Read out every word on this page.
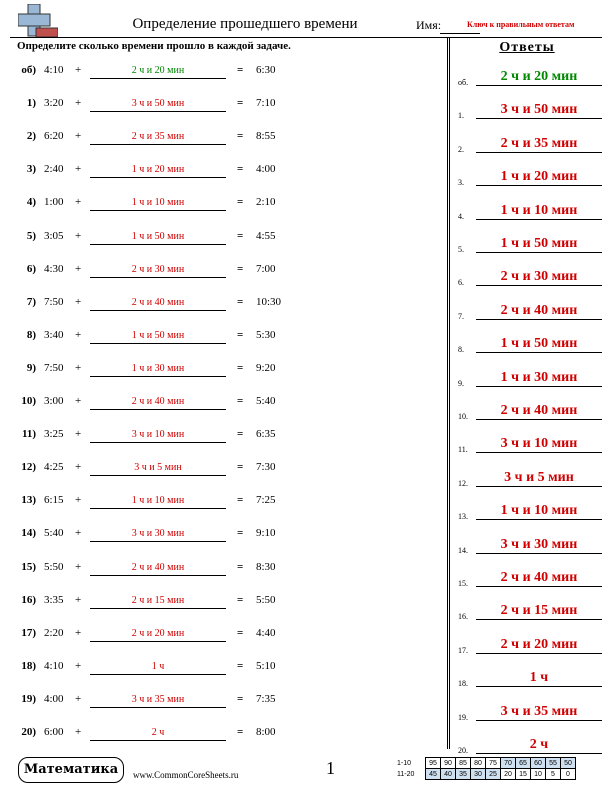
Определение прошедшего времени	Имя:	Ключ к правильным ответам
Определите сколько времени прошло в каждой задаче.	Ответы
об) 4:10 +	2 ч и 20 мин	= 6:30
1) 3:20 +	3 ч и 50 мин	= 7:10
2) 6:20 +	2 ч и 35 мин	= 8:55
3) 2:40 +	1 ч и 20 мин	= 4:00
4) 1:00 +	1 ч и 10 мин	= 2:10
5) 3:05 +	1 ч и 50 мин	= 4:55
6) 4:30 +	2 ч и 30 мин	= 7:00
7) 7:50 +	2 ч и 40 мин	= 10:30
8) 3:40 +	1 ч и 50 мин	= 5:30
9) 7:50 +	1 ч и 30 мин	= 9:20
10) 3:00 +	2 ч и 40 мин	= 5:40
11) 3:25 +	3 ч и 10 мин	= 6:35
12) 4:25 +	3 ч и 5 мин	= 7:30
13) 6:15 +	1 ч и 10 мин	= 7:25
14) 5:40 +	3 ч и 30 мин	= 9:10
15) 5:50 +	2 ч и 40 мин	= 8:30
16) 3:35 +	2 ч и 15 мин	= 5:50
17) 2:20 +	2 ч и 20 мин	= 4:40
18) 4:10 +	1 ч	= 5:10
19) 4:00 +	3 ч и 35 мин	= 7:35
20) 6:00 +	2 ч	= 8:00
об.	2 ч и 20 мин
1.	3 ч и 50 мин
2.	2 ч и 35 мин
3.	1 ч и 20 мин
4.	1 ч и 10 мин
5.	1 ч и 50 мин
6.	2 ч и 30 мин
7.	2 ч и 40 мин
8.	1 ч и 50 мин
9.	1 ч и 30 мин
10.	2 ч и 40 мин
11.	3 ч и 10 мин
12.	3 ч и 5 мин
13.	1 ч и 10 мин
14.	3 ч и 30 мин
15.	2 ч и 40 мин
16.	2 ч и 15 мин
17.	2 ч и 20 мин
18.	1 ч
19.	3 ч и 35 мин
20.	2 ч
Математика	www.CommonCoreSheets.ru	1	1-10	95	90	85	80	75	70	65	60	55	50
11-20	45	40	35	30	25	20	15	10	5	0
